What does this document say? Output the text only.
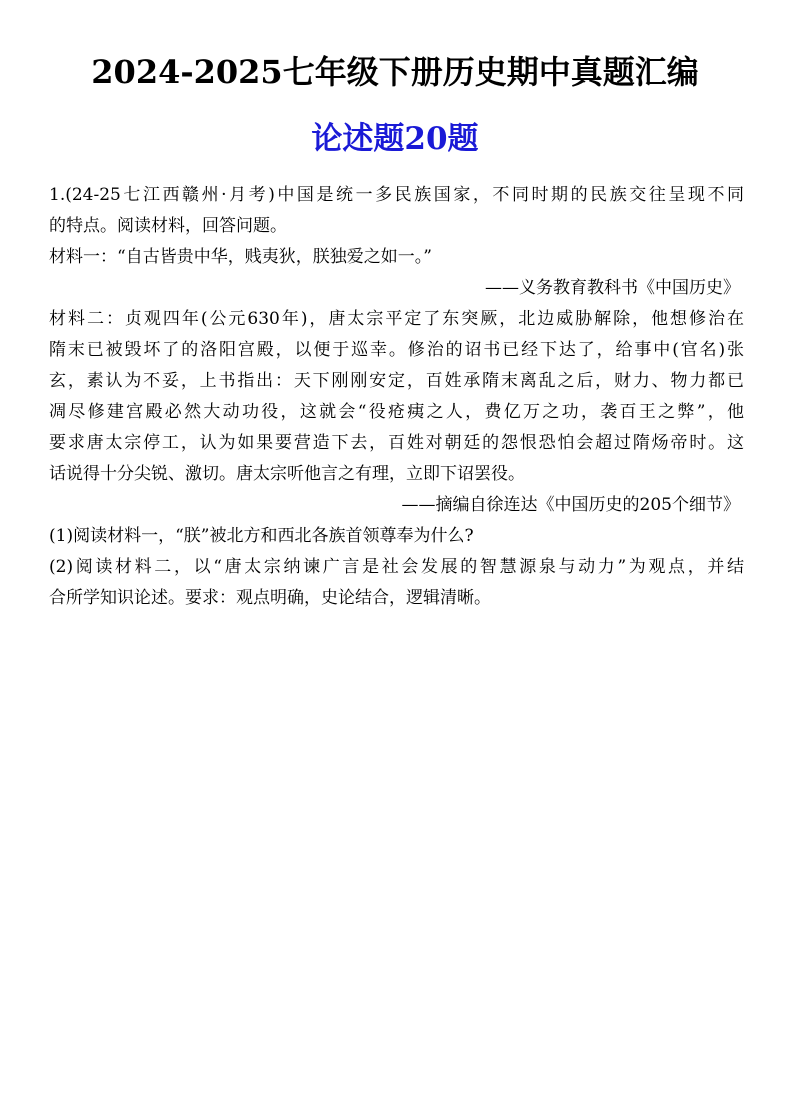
2024-2025七年级下册历史期中真题汇编
论述题20题
1.(24-25七江西赣州·月考)中国是统一多民族国家，不同时期的民族交往呈现不同
的特点。阅读材料，回答问题。
材料一：“自古皆贵中华，贱夷狄，朕独爱之如一。”
——义务教育教科书《中国历史》
材料二：贞观四年(公元630年)，唐太宗平定了东突厥，北边威胁解除，他想修治在
隋末已被毁坏了的洛阳宫殿，以便于巡幸。修治的诏书已经下达了，给事中(官名)张
玄，素认为不妥，上书指出：天下刚刚安定，百姓承隋末离乱之后，财力、物力都已
凋尽修建宫殿必然大动功役，这就会“役疮痍之人，费亿万之功，袭百王之弊”，他
要求唐太宗停工，认为如果要营造下去，百姓对朝廷的怨恨恐怕会超过隋炀帝时。这
话说得十分尖锐、激切。唐太宗听他言之有理，立即下诏罢役。
——摘编自徐连达《中国历史的205个细节》
(1)阅读材料一，“朕”被北方和西北各族首领尊奉为什么?
(2)阅读材料二，以“唐太宗纳谏广言是社会发展的智慧源泉与动力”为观点，并结
合所学知识论述。要求：观点明确，史论结合，逻辑清晰。
